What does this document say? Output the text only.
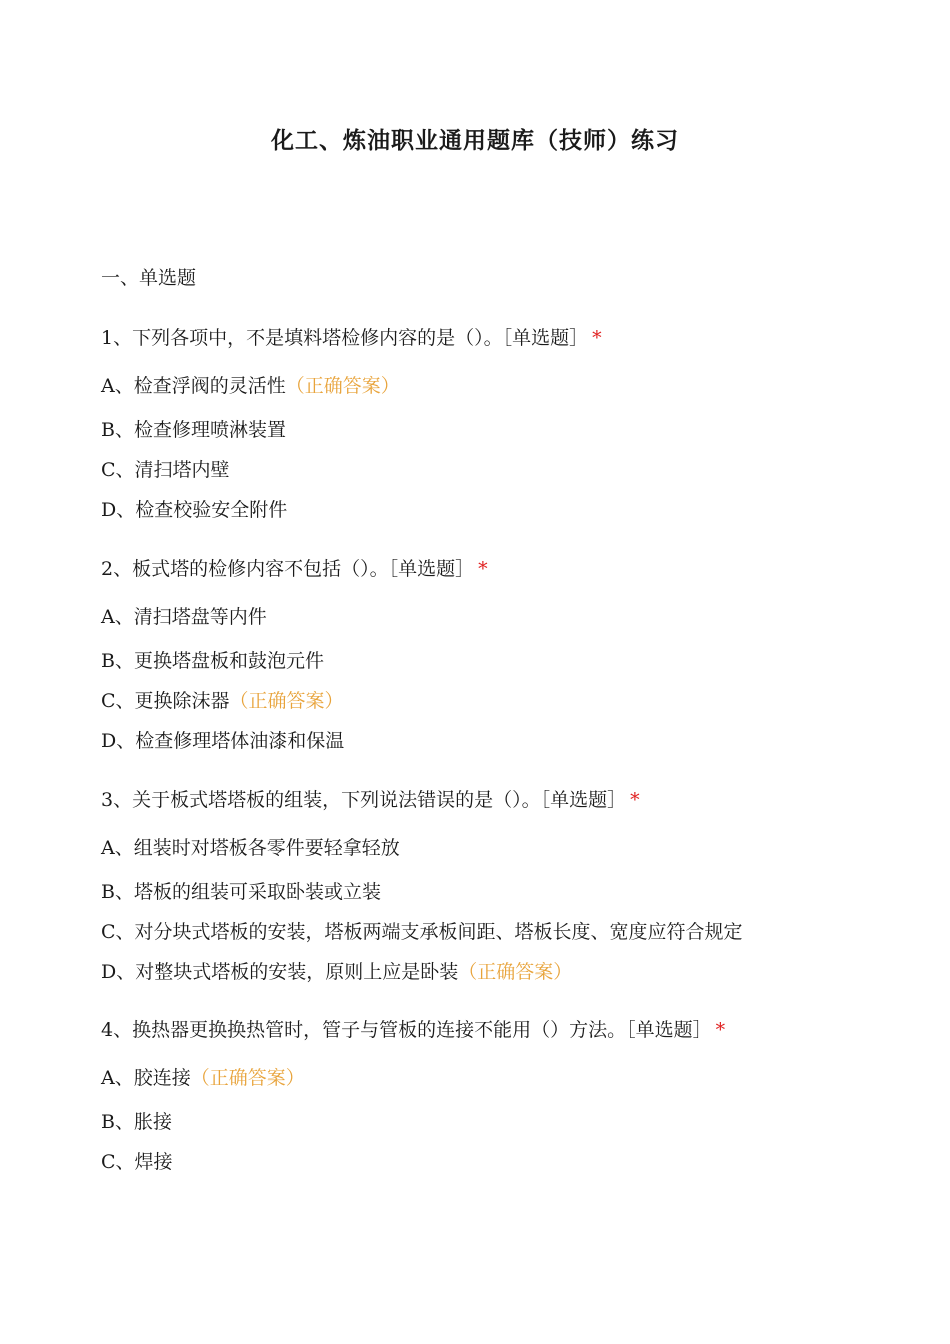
化工、炼油职业通用题库（技师）练习
一、单选题
1、下列各项中，不是填料塔检修内容的是（）。［单选题］ *
A、检查浮阀的灵活性（正确答案）
B、检查修理喷淋装置
C、清扫塔内壁
D、检查校验安全附件
2、板式塔的检修内容不包括（）。［单选题］ *
A、清扫塔盘等内件
B、更换塔盘板和鼓泡元件
C、更换除沫器（正确答案）
D、检查修理塔体油漆和保温
3、关于板式塔塔板的组装，下列说法错误的是（）。［单选题］ *
A、组装时对塔板各零件要轻拿轻放
B、塔板的组装可采取卧装或立装
C、对分块式塔板的安装，塔板两端支承板间距、塔板长度、宽度应符合规定
D、对整块式塔板的安装，原则上应是卧装（正确答案）
4、换热器更换换热管时，管子与管板的连接不能用（）方法。［单选题］ *
A、胶连接（正确答案）
B、胀接
C、焊接
